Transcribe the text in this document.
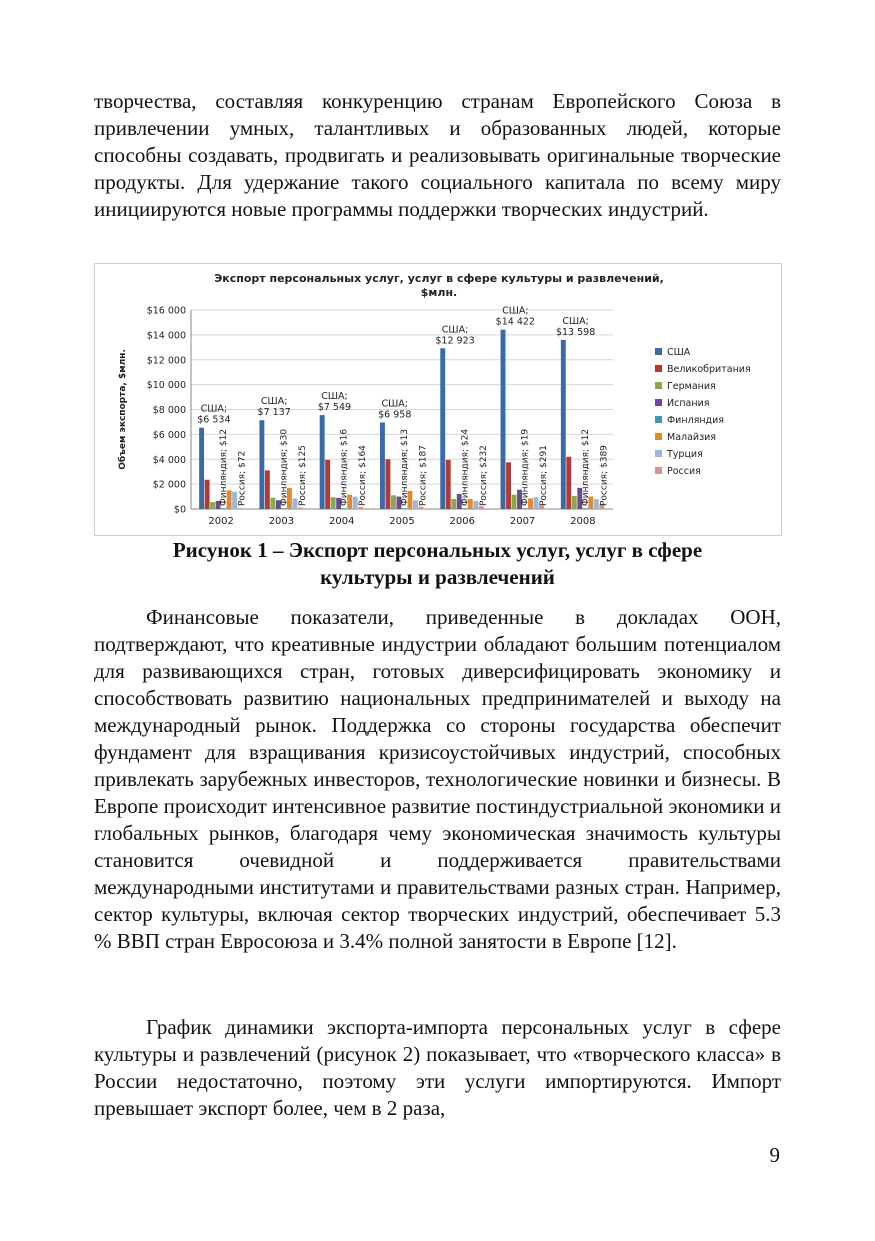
творчества, составляя конкуренцию странам Европейского Союза в привлечении умных, талантливых и образованных людей, которые способны создавать, продвигать и реализовывать оригинальные творческие продукты. Для удержание такого социального капитала по всему миру инициируются новые программы поддержки творческих индустрий.

Экспорт персональных услуг, услуг в сфере культуры и развлечений,
$млн.
$0
$2 000
$4 000
$6 000
$8 000
$10 000
$12 000
$14 000
$16 000
Объем экспорта, $млн.
2002
США;
$6 534
Финляндия; $12 Россия; $72
2003
США;
$7 137
Финляндия; $30 Россия; $125
2004
США;
$7 549
Финляндия; $16 Россия; $164
2005
США;
$6 958
Финляндия; $13 Россия; $187
2006
США;
$12 923
Финляндия; $24 Россия; $232
2007
США;
$14 422
Финляндия; $19 Россия; $291
2008
США;
$13 598
Финляндия; $12 Россия; $389
США
Великобритания
Германия
Испания
Финляндия
Малайзия
Турция
Россия
Рисунок 1 – Экспорт персональных услуг, услуг в сфере
культуры и развлечений

Финансовые показатели, приведенные в докладах ООН, подтверждают, что креативные индустрии обладают большим потенциалом для развивающихся стран, готовых диверсифицировать экономику и способствовать развитию национальных предпринимателей и выходу на международный рынок. Поддержка со стороны государства обеспечит фундамент для взращивания кризисоустойчивых индустрий, способных привлекать зарубежных инвесторов, технологические новинки и бизнесы. В Европе происходит интенсивное развитие постиндустриальной экономики и глобальных рынков, благодаря чему экономическая значимость культуры становится очевидной и поддерживается правительствами международными институтами и правительствами разных стран. Например, сектор культуры, включая сектор творческих индустрий, обеспечивает 5.3 % ВВП стран Евросоюза и 3.4% полной занятости в Европе [12].

График динамики экспорта-импорта персональных услуг в сфере культуры и развлечений (рисунок 2) показывает, что «творческого класса» в России недостаточно, поэтому эти услуги импортируются. Импорт превышает экспорт более, чем в 2 раза,

9
